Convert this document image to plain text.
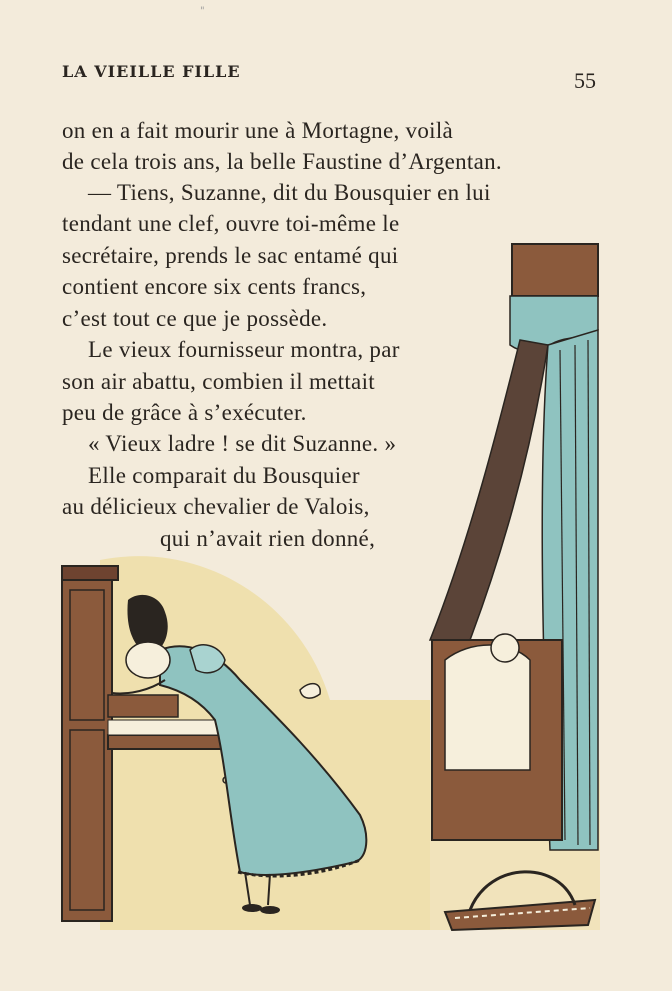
"
LA VIEILLE FILLE	55
on en a fait mourir une à Mortagne, voilà
de cela trois ans, la belle Faustine d’Argentan.
— Tiens, Suzanne, dit du Bousquier en lui
tendant une clef, ouvre toi-même le
secrétaire, prends le sac entamé qui
contient encore six cents francs,
c’est tout ce que je possède.
Le vieux fournisseur montra, par
son air abattu, combien il mettait
peu de grâce à s’exécuter.
« Vieux ladre ! se dit Suzanne. »
Elle comparait du Bousquier
au délicieux chevalier de Valois,
qui n’avait rien donné,
